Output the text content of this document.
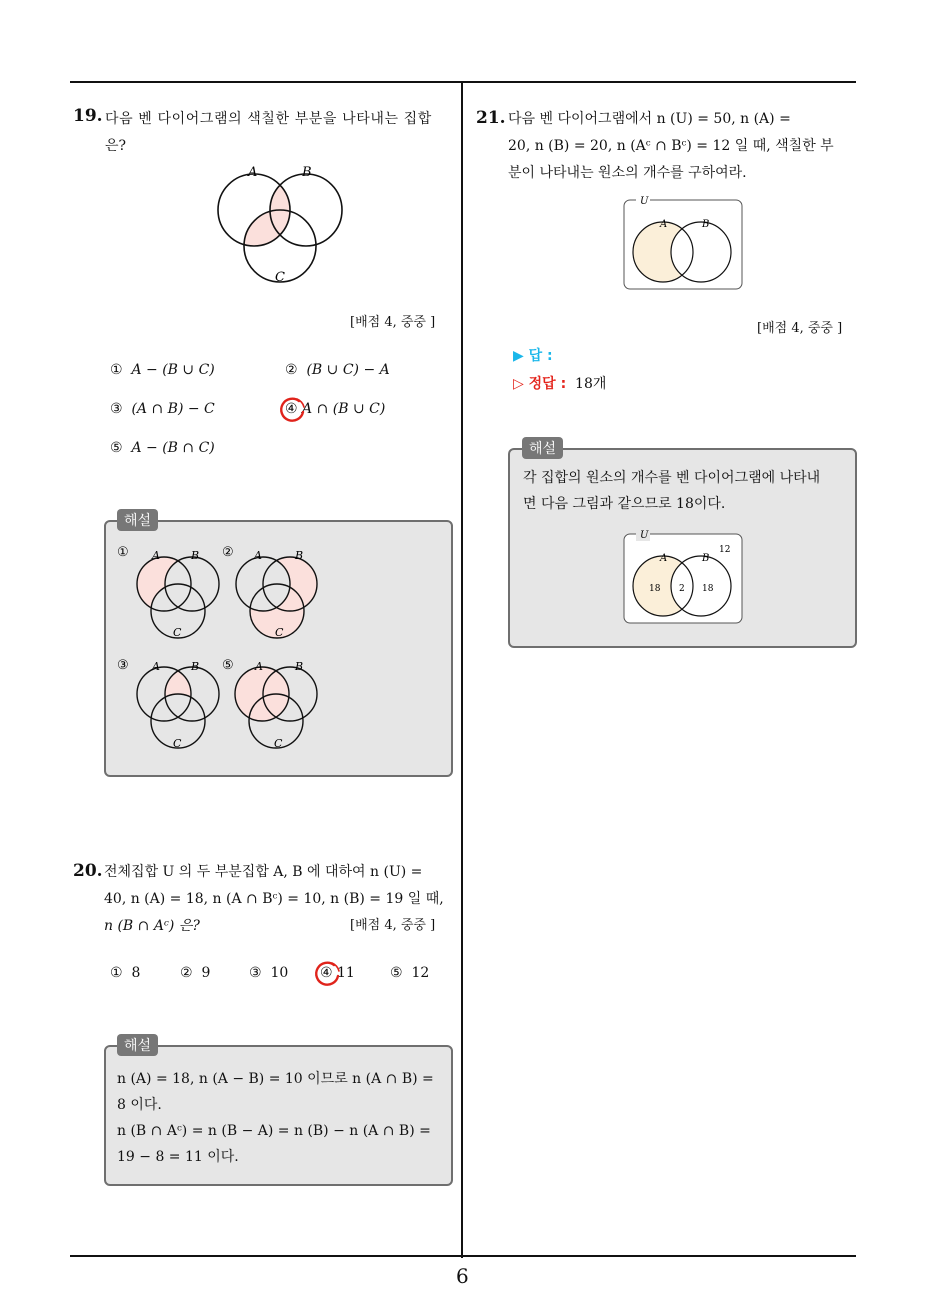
19. 다음 벤 다이어그램의 색칠한 부분을 나타내는 집합
은?
A	B
C
[배점 4, 중중 ]
① A − (B ∪ C)	② (B ∪ C) − A
③ (A ∩ B) − C	④ A ∩ (B ∪ C)
⑤ A − (B ∩ C)
해설
① A	B
C
② A	B
C
③ A	B
C
⑤ A	B
C
20. 전체집합 U 의 두 부분집합 A, B 에 대하여 n (U) =
40, n (A) = 18, n (A ∩ Bᶜ) = 10, n (B) = 19 일 때,
n (B ∩ Aᶜ) 은?	[배점 4, 중중 ]
① 8	② 9	③ 10 ④ 11	⑤ 12
해설
n (A) = 18, n (A − B) = 10 이므로 n (A ∩ B) =
8 이다.
n (B ∩ Aᶜ) = n (B − A) = n (B) − n (A ∩ B) =
19 − 8 = 11 이다.
21. 다음 벤 다이어그램에서 n (U) = 50, n (A) =
20, n (B) = 20, n (Aᶜ ∩ Bᶜ) = 12 일 때, 색칠한 부
분이 나타내는 원소의 개수를 구하여라.
U
A	B
[배점 4, 중중 ]
▶ 답 :
▷ 정답 : 18개
해설
각 집합의 원소의 개수를 벤 다이어그램에 나타내
면 다음 그림과 같으므로 18이다.
U
A	B
12
18 2 18
6
